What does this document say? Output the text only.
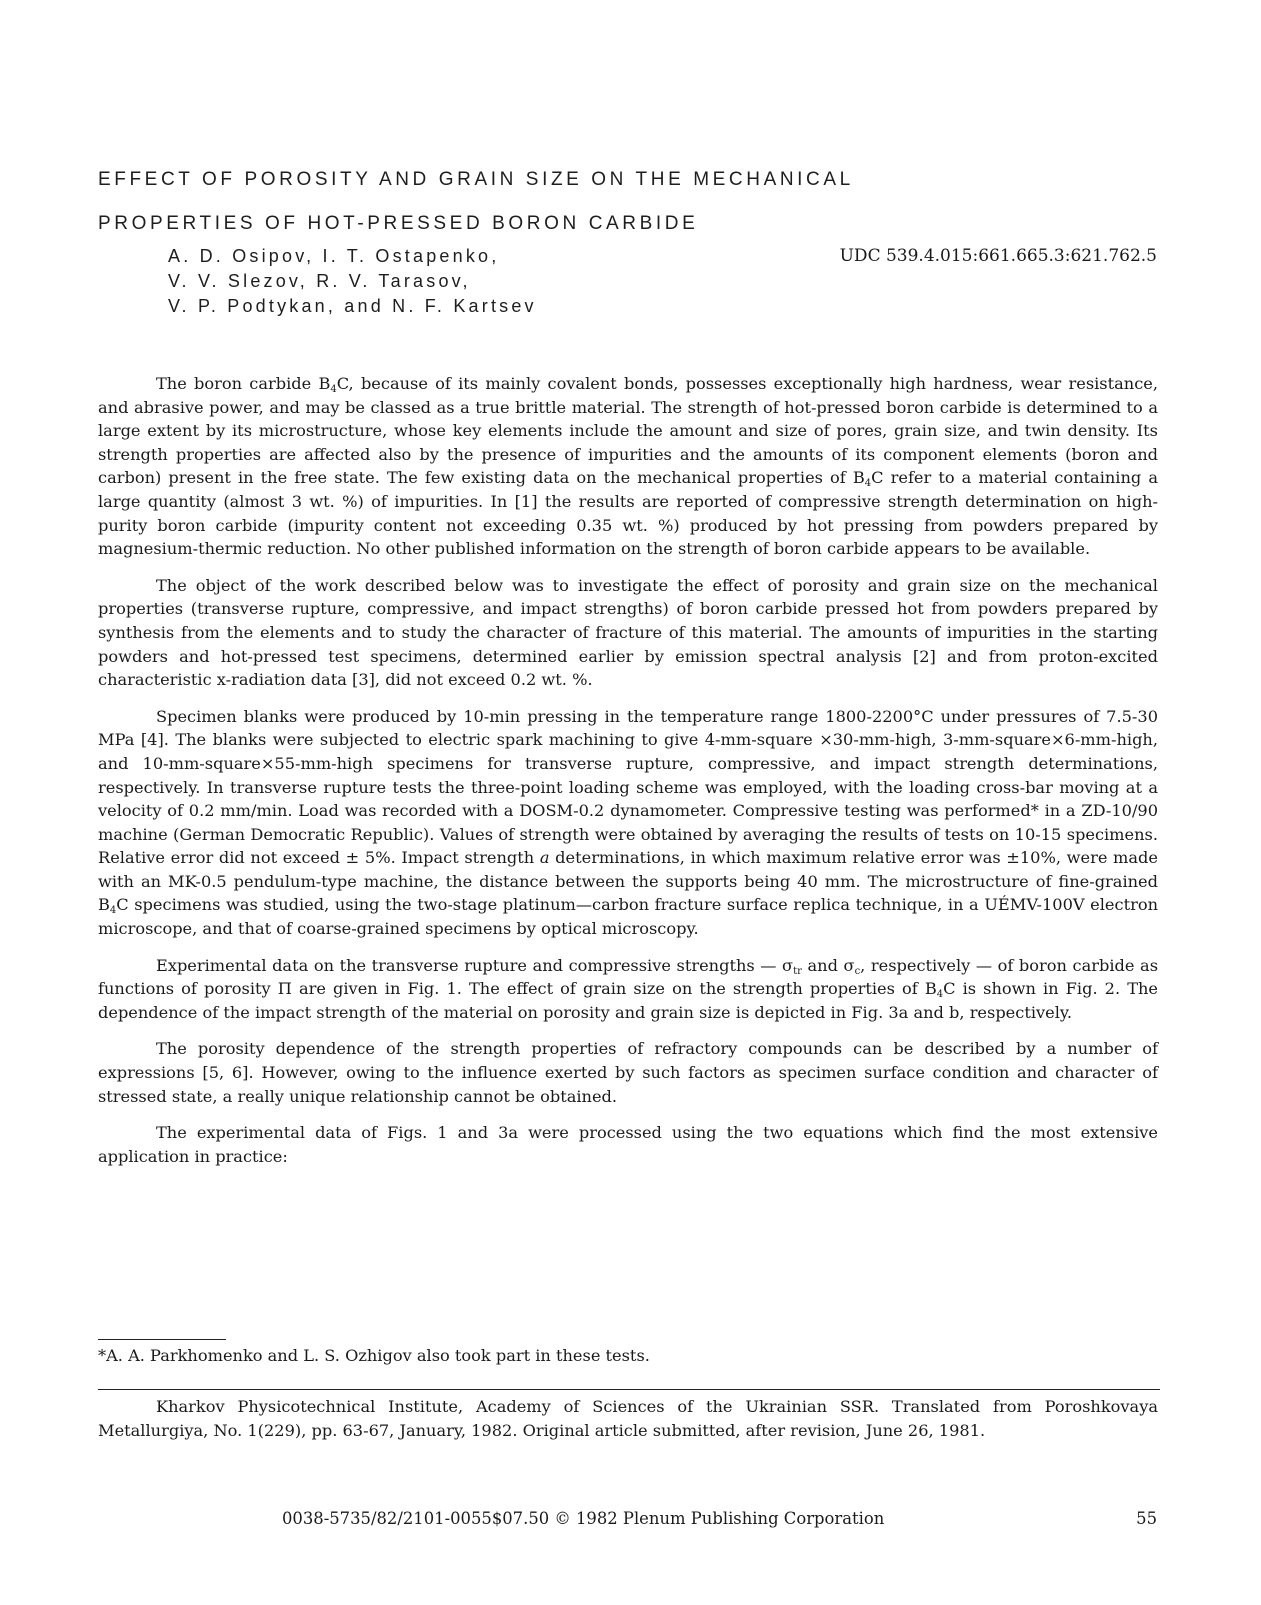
EFFECT OF POROSITY AND GRAIN SIZE ON THE MECHANICAL
PROPERTIES OF HOT-PRESSED BORON CARBIDE
A. D. Osipov, I. T. Ostapenko,
V. V. Slezov, R. V. Tarasov,
V. P. Podtykan, and N. F. Kartsev
UDC 539.4.015:661.665.3:621.762.5

The boron carbide $B_4C$, because of its mainly covalent bonds, possesses exceptionally high hardness, wear resistance, and abrasive power, and may be classed as a true brittle material. The strength of hot-pressed boron carbide is determined to a large extent by its microstructure, whose key elements include the amount and size of pores, grain size, and twin density. Its strength properties are affected also by the presence of impurities and the amounts of its component elements (boron and carbon) present in the free state. The few existing data on the mechanical properties of $B_4C$ refer to a material containing a large quantity (almost 3 wt. %) of impurities. In [1] the results are reported of compressive strength determination on high-purity boron carbide (impurity content not exceeding 0.35 wt. %) produced by hot pressing from powders prepared by magnesium-thermic reduction. No other published information on the strength of boron carbide appears to be available.

The object of the work described below was to investigate the effect of porosity and grain size on the mechanical properties (transverse rupture, compressive, and impact strengths) of boron carbide pressed hot from powders prepared by synthesis from the elements and to study the character of fracture of this material. The amounts of impurities in the starting powders and hot-pressed test specimens, determined earlier by emission spectral analysis [2] and from proton-excited characteristic x-radiation data [3], did not exceed 0.2 wt. %.

Specimen blanks were produced by 10-min pressing in the temperature range 1800-2200°C under pressures of 7.5-30 MPa [4]. The blanks were subjected to electric spark machining to give 4-mm-square ×30-mm-high, 3-mm-square×6-mm-high, and 10-mm-square×55-mm-high specimens for transverse rupture, compressive, and impact strength determinations, respectively. In transverse rupture tests the three-point loading scheme was employed, with the loading cross-bar moving at a velocity of 0.2 mm/min. Load was recorded with a DOSM-0.2 dynamometer. Compressive testing was performed* in a ZD-10/90 machine (German Democratic Republic). Values of strength were obtained by averaging the results of tests on 10-15 specimens. Relative error did not exceed ± 5%. Impact strength a determinations, in which maximum relative error was ±10%, were made with an MK-0.5 pendulum-type machine, the distance between the supports being 40 mm. The microstructure of fine-grained $B_4C$ specimens was studied, using the two-stage platinum—carbon fracture surface replica technique, in a UÉMV-100V electron microscope, and that of coarse-grained specimens by optical microscopy.

Experimental data on the transverse rupture and compressive strengths — $\sigma_{tr}$ and $\sigma_c$, respectively — of boron carbide as functions of porosity Π are given in Fig. 1. The effect of grain size on the strength properties of $B_4C$ is shown in Fig. 2. The dependence of the impact strength of the material on porosity and grain size is depicted in Fig. 3a and b, respectively.

The porosity dependence of the strength properties of refractory compounds can be described by a number of expressions [5, 6]. However, owing to the influence exerted by such factors as specimen surface condition and character of stressed state, a really unique relationship cannot be obtained.

The experimental data of Figs. 1 and 3a were processed using the two equations which find the most extensive application in practice:

*A. A. Parkhomenko and L. S. Ozhigov also took part in these tests.
Kharkov Physicotechnical Institute, Academy of Sciences of the Ukrainian SSR. Translated from Poroshkovaya Metallurgiya, No. 1(229), pp. 63-67, January, 1982. Original article submitted, after revision, June 26, 1981.
0038-5735/82/2101-0055$07.50 © 1982 Plenum Publishing Corporation	55
